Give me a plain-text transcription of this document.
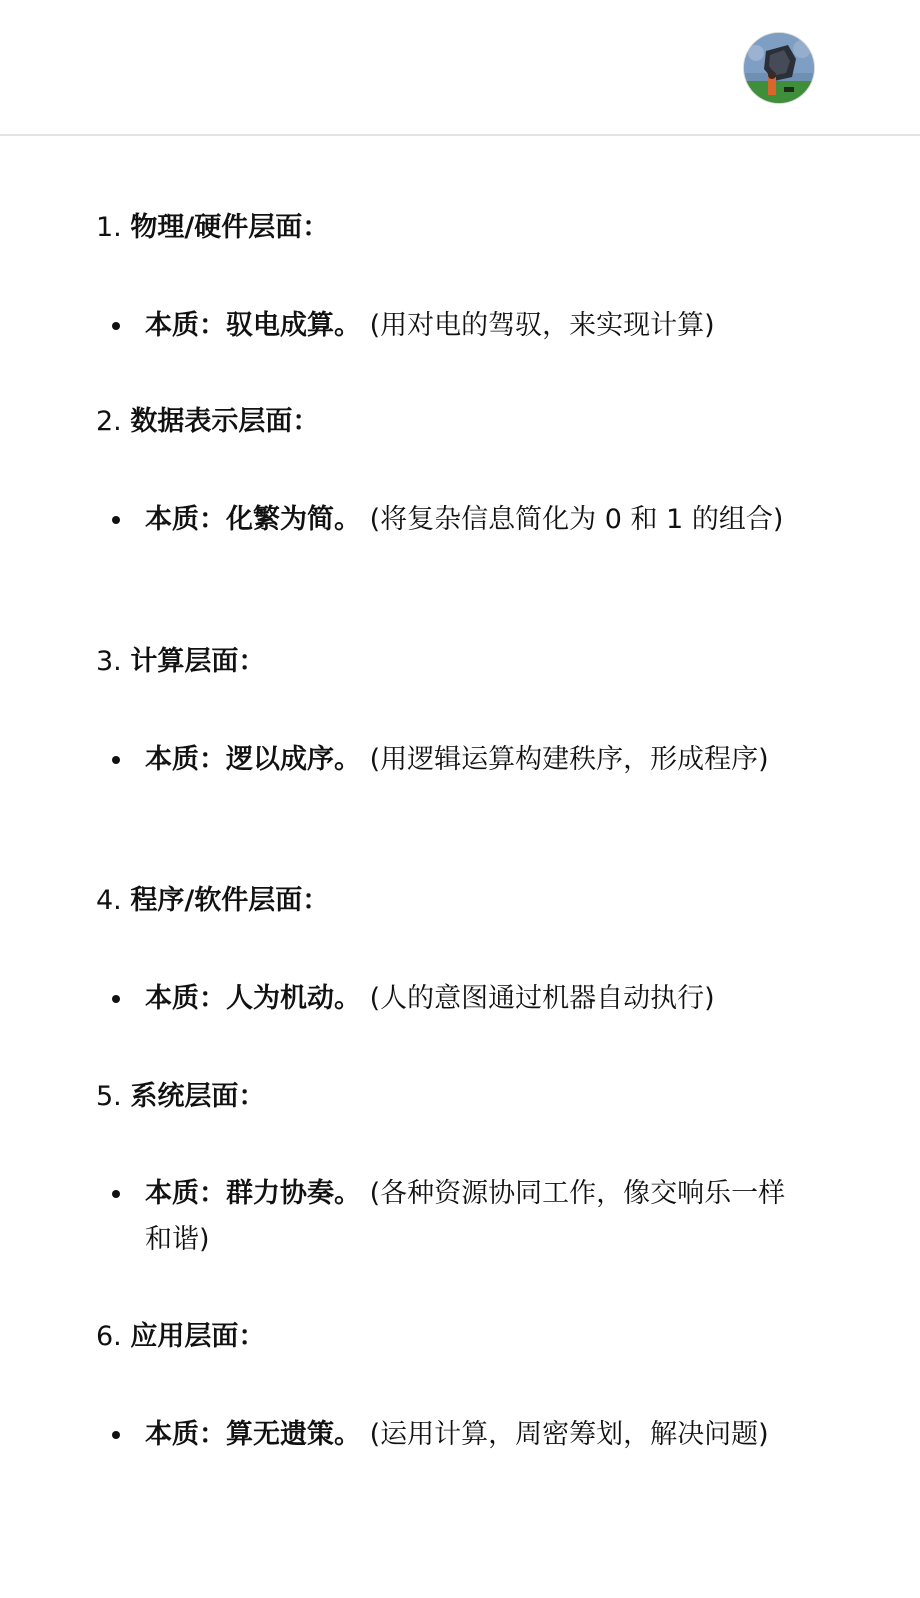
1. 物理/硬件层面：
本质：驭电成算。 (用对电的驾驭，来实现计算)
2. 数据表示层面：
本质：化繁为简。 (将复杂信息简化为 0 和 1 的组合)
3. 计算层面：
本质：逻以成序。 (用逻辑运算构建秩序，形成程序)
4. 程序/软件层面：
本质：人为机动。 (人的意图通过机器自动执行)
5. 系统层面：
本质：群力协奏。 (各种资源协同工作，像交响乐一样和谐)
6. 应用层面：
本质：算无遗策。 (运用计算，周密筹划，解决问题)
